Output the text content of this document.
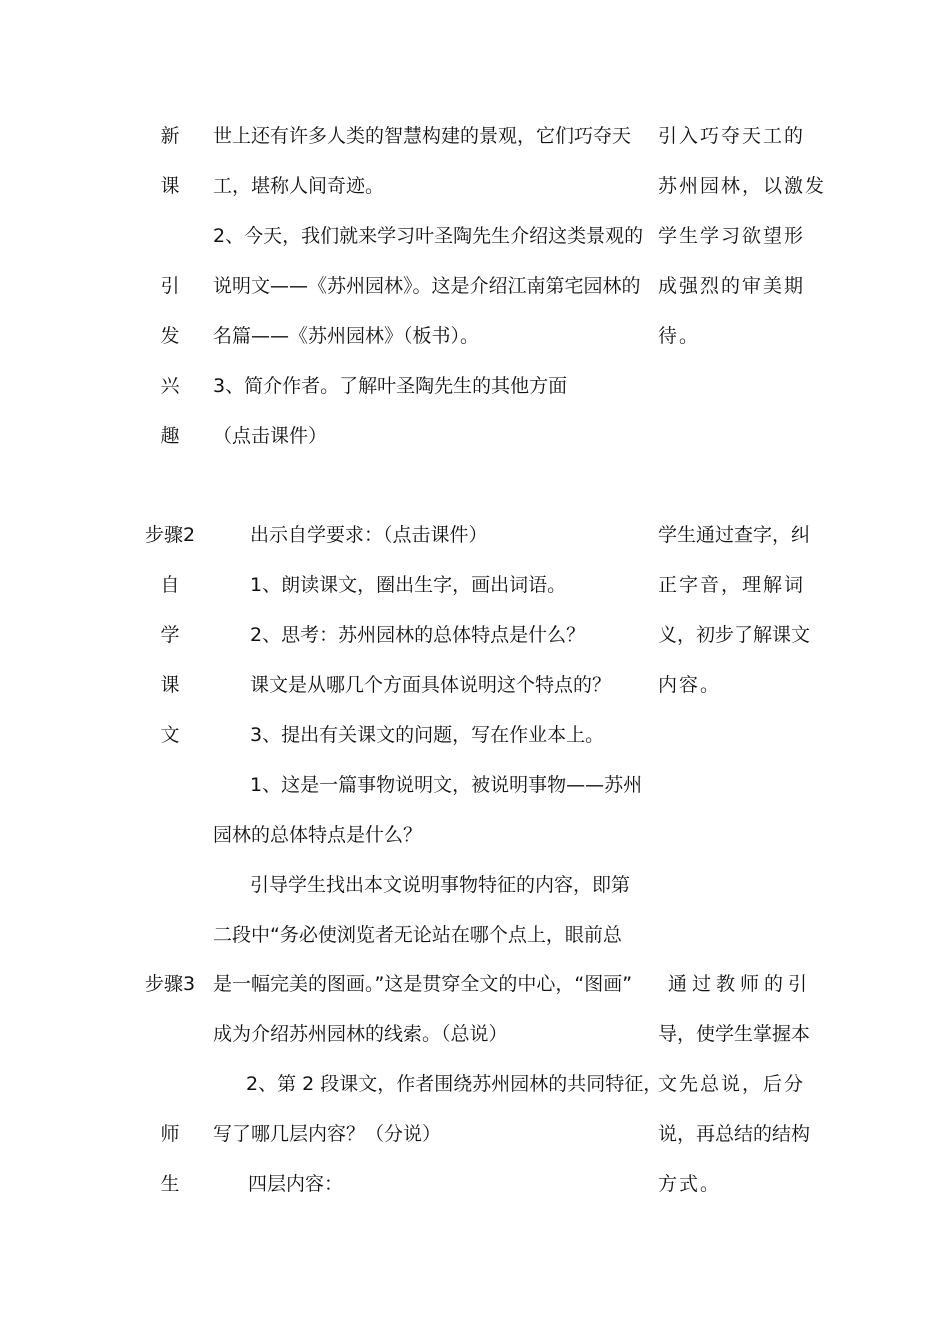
新
课
引
发
兴
趣
步骤2
自
学
课
文
步骤3
师
生
世上还有许多人类的智慧构建的景观，它们巧夺天
工，堪称人间奇迹。
2、今天，我们就来学习叶圣陶先生介绍这类景观的
说明文——《苏州园林》。这是介绍江南第宅园林的
名篇——《苏州园林》（板书）。
3、简介作者。了解叶圣陶先生的其他方面
（点击课件）
出示自学要求：（点击课件）
1、朗读课文，圈出生字，画出词语。
2、思考：苏州园林的总体特点是什么？
课文是从哪几个方面具体说明这个特点的？
3、提出有关课文的问题，写在作业本上。
1、这是一篇事物说明文，被说明事物——苏州
园林的总体特点是什么？
引导学生找出本文说明事物特征的内容，即第
二段中“务必使浏览者无论站在哪个点上，眼前总
是一幅完美的图画。”这是贯穿全文的中心，“图画”
成为介绍苏州园林的线索。（总说）
2、第 2 段课文，作者围绕苏州园林的共同特征，
写了哪几层内容？（分说）
四层内容：
引入巧夺天工的
苏州园林，以激发
学生学习欲望形
成强烈的审美期
待。
学生通过查字，纠
正字音，理解词
义，初步了解课文
内容。
通过教师的引
导，使学生掌握本
文先总说，后分
说，再总结的结构
方式。
